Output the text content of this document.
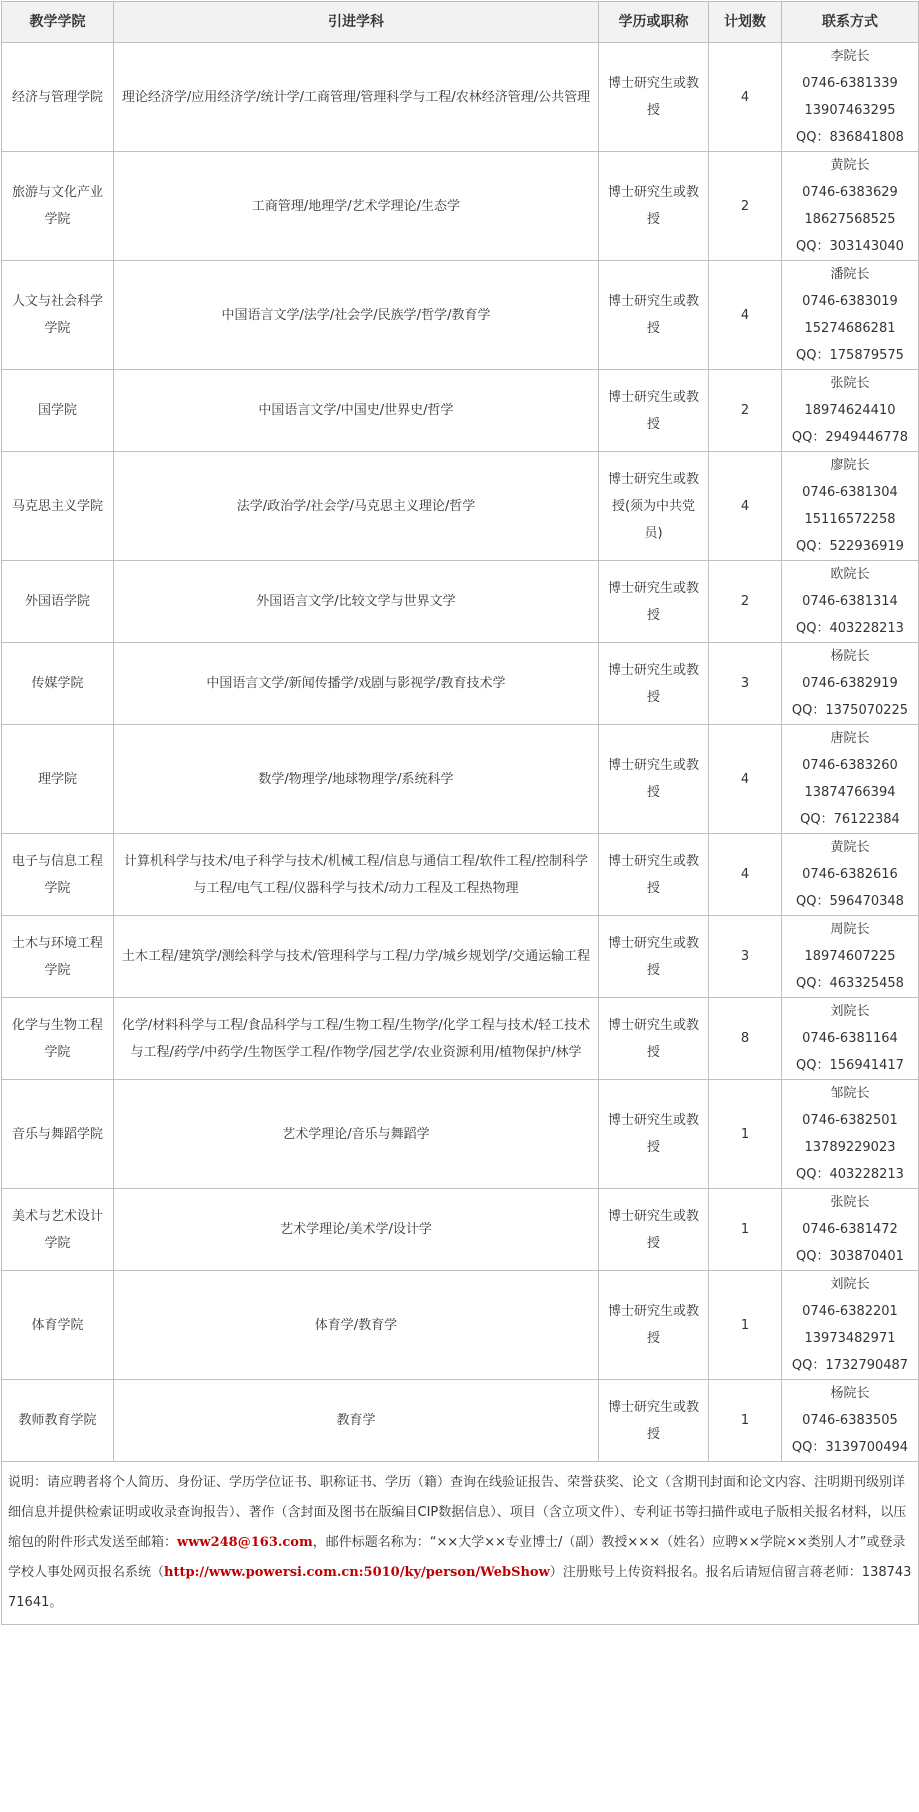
教学学院	引进学科	学历或职称	计划数	联系方式
经济与管理学院	理论经济学/应用经济学/统计学/工商管理/管理科学与工程/农林经济管理/公共管理	博士研究生或教授	4	李院长
0746-6381339
13907463295
QQ：836841808

旅游与文化产业学院	工商管理/地理学/艺术学理论/生态学	博士研究生或教授	2	黄院长
0746-6383629
18627568525
QQ：303143040

人文与社会科学学院	中国语言文学/法学/社会学/民族学/哲学/教育学	博士研究生或教授	4	潘院长
0746-6383019
15274686281
QQ：175879575

国学院	中国语言文学/中国史/世界史/哲学	博士研究生或教授	2	张院长
18974624410
QQ：2949446778

马克思主义学院	法学/政治学/社会学/马克思主义理论/哲学	博士研究生或教授(须为中共党员)	4	廖院长
0746-6381304
15116572258
QQ：522936919

外国语学院	外国语言文学/比较文学与世界文学	博士研究生或教授	2	欧院长
0746-6381314
QQ：403228213

传媒学院	中国语言文学/新闻传播学/戏剧与影视学/教育技术学	博士研究生或教授	3	杨院长
0746-6382919
QQ：1375070225

理学院	数学/物理学/地球物理学/系统科学	博士研究生或教授	4	唐院长
0746-6383260
13874766394
QQ：76122384

电子与信息工程学院	计算机科学与技术/电子科学与技术/机械工程/信息与通信工程/软件工程/控制科学与工程/电气工程/仪器科学与技术/动力工程及工程热物理	博士研究生或教授	4	黄院长
0746-6382616
QQ：596470348

土木与环境工程学院	土木工程/建筑学/测绘科学与技术/管理科学与工程/力学/城乡规划学/交通运输工程	博士研究生或教授	3	周院长
18974607225
QQ：463325458

化学与生物工程学院	化学/材料科学与工程/食品科学与工程/生物工程/生物学/化学工程与技术/轻工技术与工程/药学/中药学/生物医学工程/作物学/园艺学/农业资源利用/植物保护/林学	博士研究生或教授	8	刘院长
0746-6381164
QQ：156941417

音乐与舞蹈学院	艺术学理论/音乐与舞蹈学	博士研究生或教授	1	邹院长
0746-6382501
13789229023
QQ：403228213

美术与艺术设计学院	艺术学理论/美术学/设计学	博士研究生或教授	1	张院长
0746-6381472
QQ：303870401

体育学院	体育学/教育学	博士研究生或教授	1	刘院长
0746-6382201
13973482971
QQ：1732790487

教师教育学院	教育学	博士研究生或教授	1	杨院长
0746-6383505
QQ：3139700494

说明：请应聘者将个人简历、身份证、学历学位证书、职称证书、学历（籍）查询在线验证报告、荣誉获奖、论文（含期刊封面和论文内容、注明期刊级别详细信息并提供检索证明或收录查询报告）、著作（含封面及图书在版编目CIP数据信息）、项目（含立项文件）、专利证书等扫描件或电子版相关报名材料，以压缩包的附件形式发送至邮箱：www248@163.com，邮件标题名称为：“××大学××专业博士/（副）教授×××（姓名）应聘××学院××类别人才”或登录学校人事处网页报名系统（http://www.powersi.com.cn:5010/ky/person/WebShow）注册账号上传资料报名。报名后请短信留言蒋老师：13874371641。				
